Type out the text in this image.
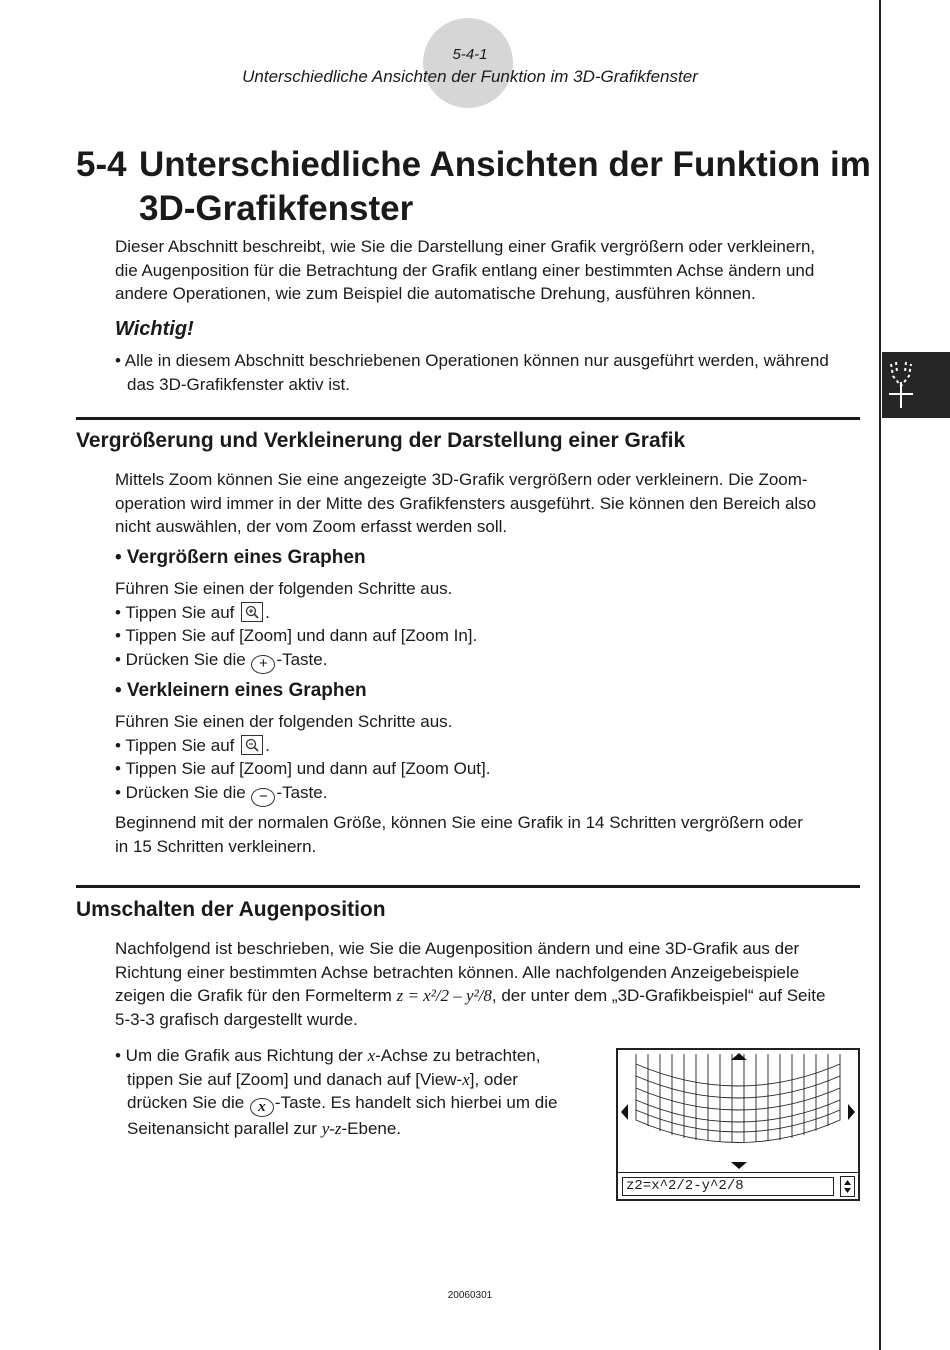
5-4-1
Unterschiedliche Ansichten der Funktion im 3D-Grafikfenster
5-4 Unterschiedliche Ansichten der Funktion im
3D-Grafikfenster
Dieser Abschnitt beschreibt, wie Sie die Darstellung einer Grafik vergrößern oder verkleinern,
die Augenposition für die Betrachtung der Grafik entlang einer bestimmten Achse ändern und
andere Operationen, wie zum Beispiel die automatische Drehung, ausführen können.
Wichtig!
• Alle in diesem Abschnitt beschriebenen Operationen können nur ausgeführt werden, während
das 3D-Grafikfenster aktiv ist.
Vergrößerung und Verkleinerung der Darstellung einer Grafik
Mittels Zoom können Sie eine angezeigte 3D-Grafik vergrößern oder verkleinern. Die Zoom-
operation wird immer in der Mitte des Grafikfensters ausgeführt. Sie können den Bereich also
nicht auswählen, der vom Zoom erfasst werden soll.
• Vergrößern eines Graphen
Führen Sie einen der folgenden Schritte aus.
• Tippen Sie auf .
• Tippen Sie auf [Zoom] und dann auf [Zoom In].
• Drücken Sie die + -Taste.
• Verkleinern eines Graphen
Führen Sie einen der folgenden Schritte aus.
• Tippen Sie auf .
• Tippen Sie auf [Zoom] und dann auf [Zoom Out].
• Drücken Sie die − -Taste.
Beginnend mit der normalen Größe, können Sie eine Grafik in 14 Schritten vergrößern oder
in 15 Schritten verkleinern.
Umschalten der Augenposition
Nachfolgend ist beschrieben, wie Sie die Augenposition ändern und eine 3D-Grafik aus der
Richtung einer bestimmten Achse betrachten können. Alle nachfolgenden Anzeigebeispiele
zeigen die Grafik für den Formelterm z = x²/2 – y²/8, der unter dem „3D-Grafikbeispiel“ auf Seite
5-3-3 grafisch dargestellt wurde.
• Um die Grafik aus Richtung der x-Achse zu betrachten,
tippen Sie auf [Zoom] und danach auf [View-x], oder
drücken Sie die x -Taste. Es handelt sich hierbei um die
Seitenansicht parallel zur y-z-Ebene.
z2=x^2/2-y^2/8
20060301
